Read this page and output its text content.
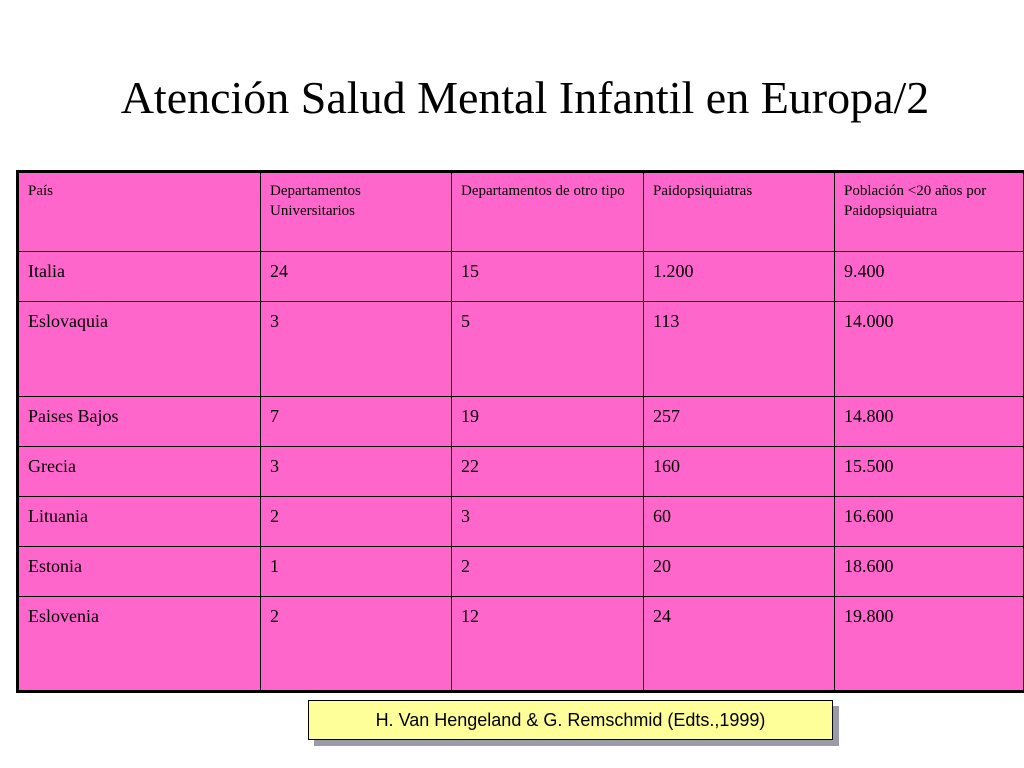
Atención Salud Mental Infantil en Europa/2
País	Departamentos Universitarios	Departamentos de otro tipo	Paidopsiquiatras	Población <20 años por Paidopsiquiatra
Italia	24	15	1.200	9.400
Eslovaquia	3	5	113	14.000
Paises Bajos	7	19	257	14.800
Grecia	3	22	160	15.500
Lituania	2	3	60	16.600
Estonia	1	2	20	18.600
Eslovenia	2	12	24	19.800
H. Van Hengeland & G. Remschmid (Edts.,1999)
